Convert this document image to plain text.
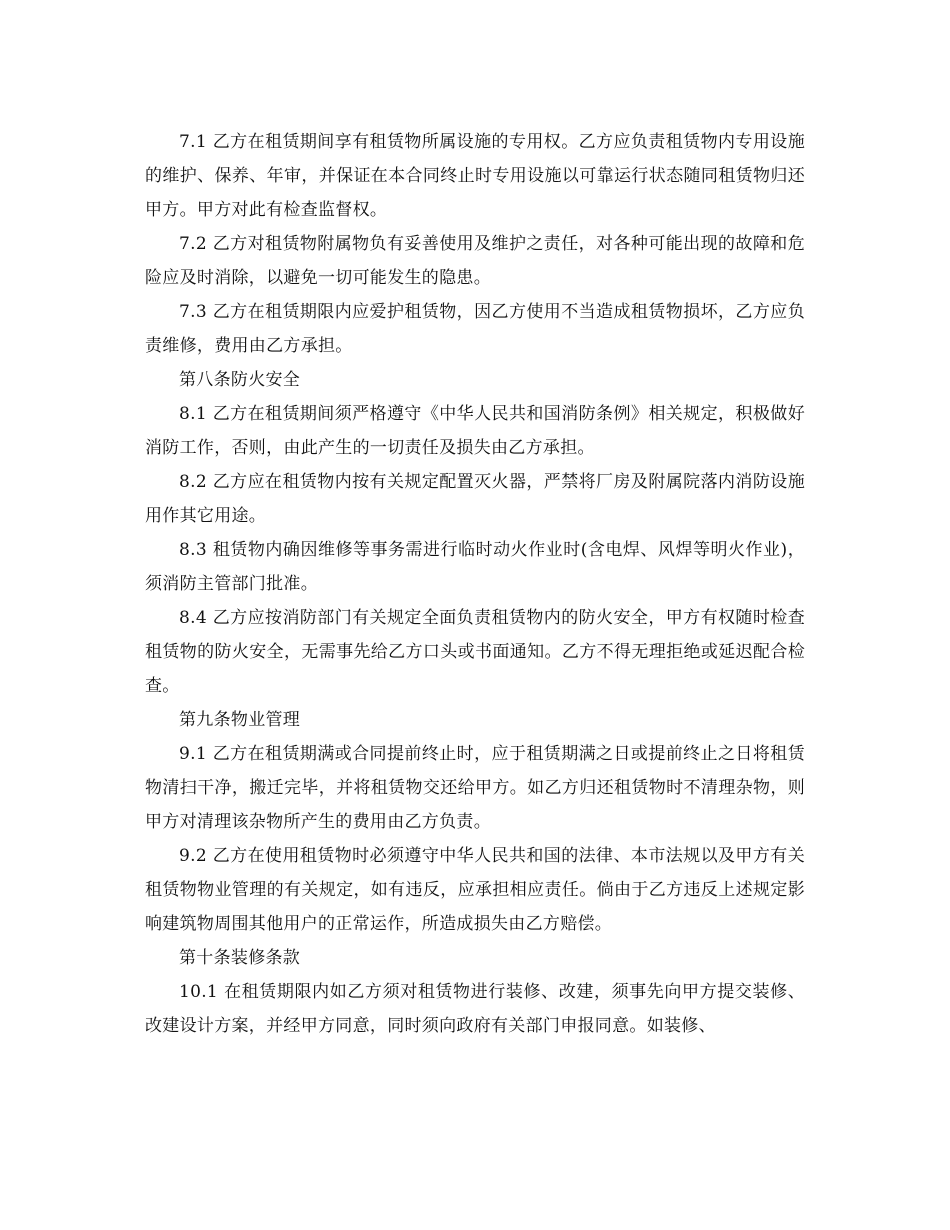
7.1 乙方在租赁期间享有租赁物所属设施的专用权。乙方应负责租赁物内专用设施的维护、保养、年审，并保证在本合同终止时专用设施以可靠运行状态随同租赁物归还甲方。甲方对此有检查监督权。

7.2 乙方对租赁物附属物负有妥善使用及维护之责任，对各种可能出现的故障和危险应及时消除，以避免一切可能发生的隐患。

7.3 乙方在租赁期限内应爱护租赁物，因乙方使用不当造成租赁物损坏，乙方应负责维修，费用由乙方承担。

第八条防火安全

8.1 乙方在租赁期间须严格遵守《中华人民共和国消防条例》相关规定，积极做好消防工作，否则，由此产生的一切责任及损失由乙方承担。

8.2 乙方应在租赁物内按有关规定配置灭火器，严禁将厂房及附属院落内消防设施用作其它用途。

8.3 租赁物内确因维修等事务需进行临时动火作业时(含电焊、风焊等明火作业)，须消防主管部门批准。

8.4 乙方应按消防部门有关规定全面负责租赁物内的防火安全，甲方有权随时检查租赁物的防火安全，无需事先给乙方口头或书面通知。乙方不得无理拒绝或延迟配合检查。

第九条物业管理

9.1 乙方在租赁期满或合同提前终止时，应于租赁期满之日或提前终止之日将租赁物清扫干净，搬迁完毕，并将租赁物交还给甲方。如乙方归还租赁物时不清理杂物，则甲方对清理该杂物所产生的费用由乙方负责。

9.2 乙方在使用租赁物时必须遵守中华人民共和国的法律、本市法规以及甲方有关租赁物物业管理的有关规定，如有违反，应承担相应责任。倘由于乙方违反上述规定影响建筑物周围其他用户的正常运作，所造成损失由乙方赔偿。

第十条装修条款

10.1 在租赁期限内如乙方须对租赁物进行装修、改建，须事先向甲方提交装修、改建设计方案，并经甲方同意，同时须向政府有关部门申报同意。如装修、
